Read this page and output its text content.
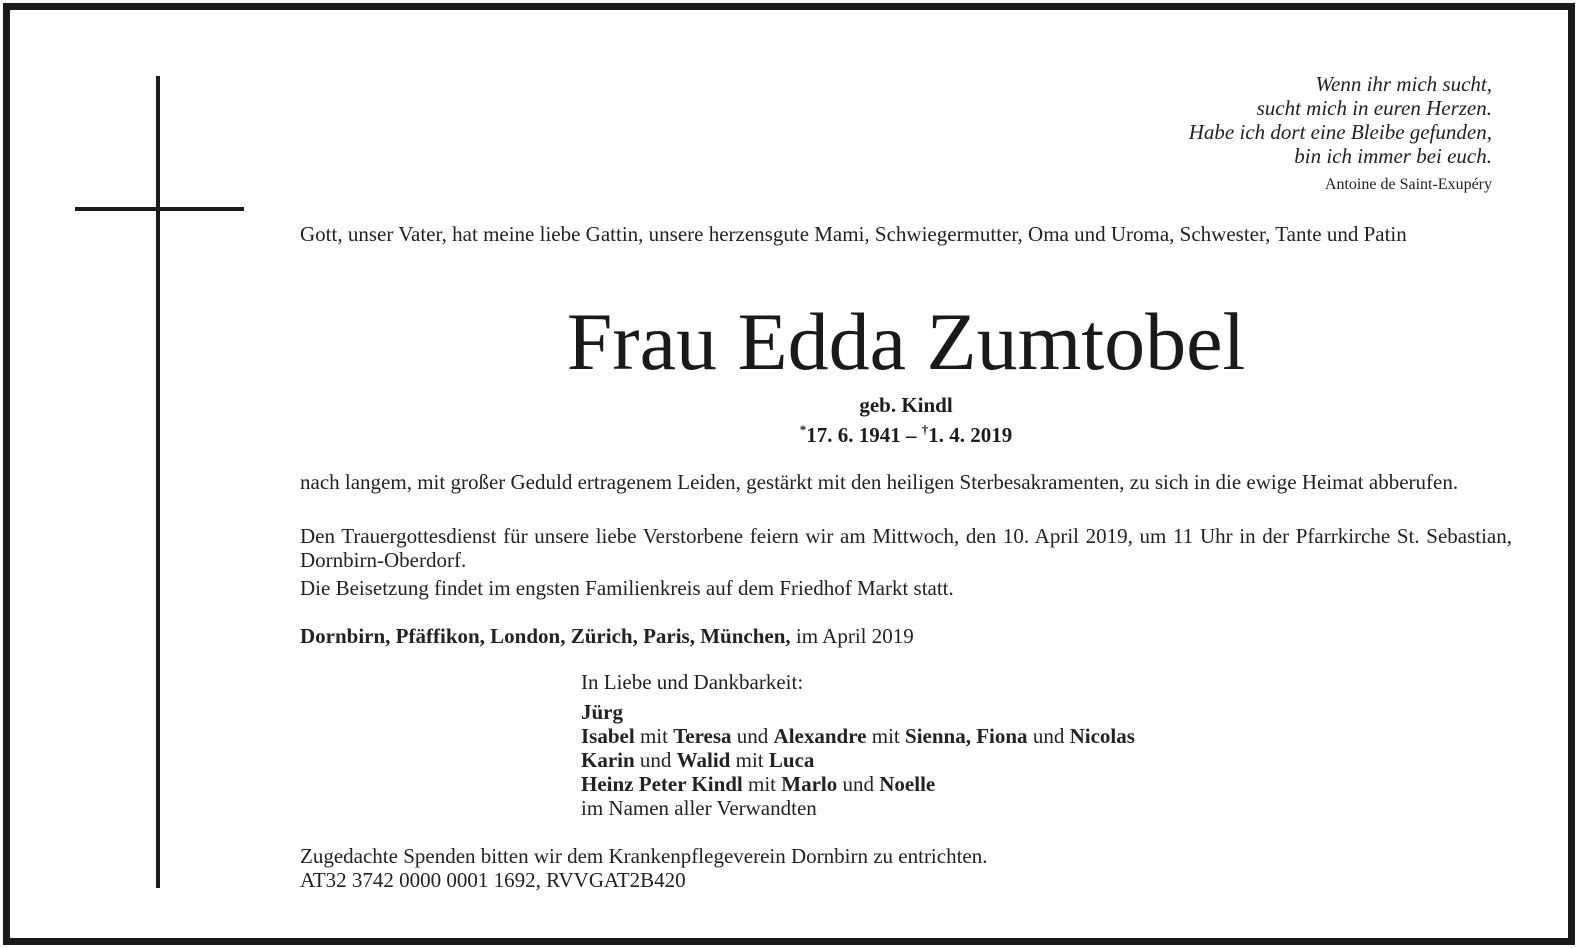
Wenn ihr mich sucht,
sucht mich in euren Herzen.
Habe ich dort eine Bleibe gefunden,
bin ich immer bei euch.
Antoine de Saint-Exupéry
Gott, unser Vater, hat meine liebe Gattin, unsere herzensgute Mami, Schwiegermutter, Oma und Uroma, Schwester, Tante und Patin
Frau Edda Zumtobel
geb. Kindl
*17. 6. 1941 – †1. 4. 2019
nach langem, mit großer Geduld ertragenem Leiden, gestärkt mit den heiligen Sterbesakramenten, zu sich in die ewige Heimat abberufen.
Den Trauergottesdienst für unsere liebe Verstorbene feiern wir am Mittwoch, den 10. April 2019, um 11 Uhr in der Pfarrkirche St. Sebastian, Dornbirn-Oberdorf.
Die Beisetzung findet im engsten Familienkreis auf dem Friedhof Markt statt.
Dornbirn, Pfäffikon, London, Zürich, Paris, München, im April 2019
In Liebe und Dankbarkeit:
Jürg
Isabel mit Teresa und Alexandre mit Sienna, Fiona und Nicolas
Karin und Walid mit Luca
Heinz Peter Kindl mit Marlo und Noelle
im Namen aller Verwandten
Zugedachte Spenden bitten wir dem Krankenpflegeverein Dornbirn zu entrichten.
AT32 3742 0000 0001 1692, RVVGAT2B420
